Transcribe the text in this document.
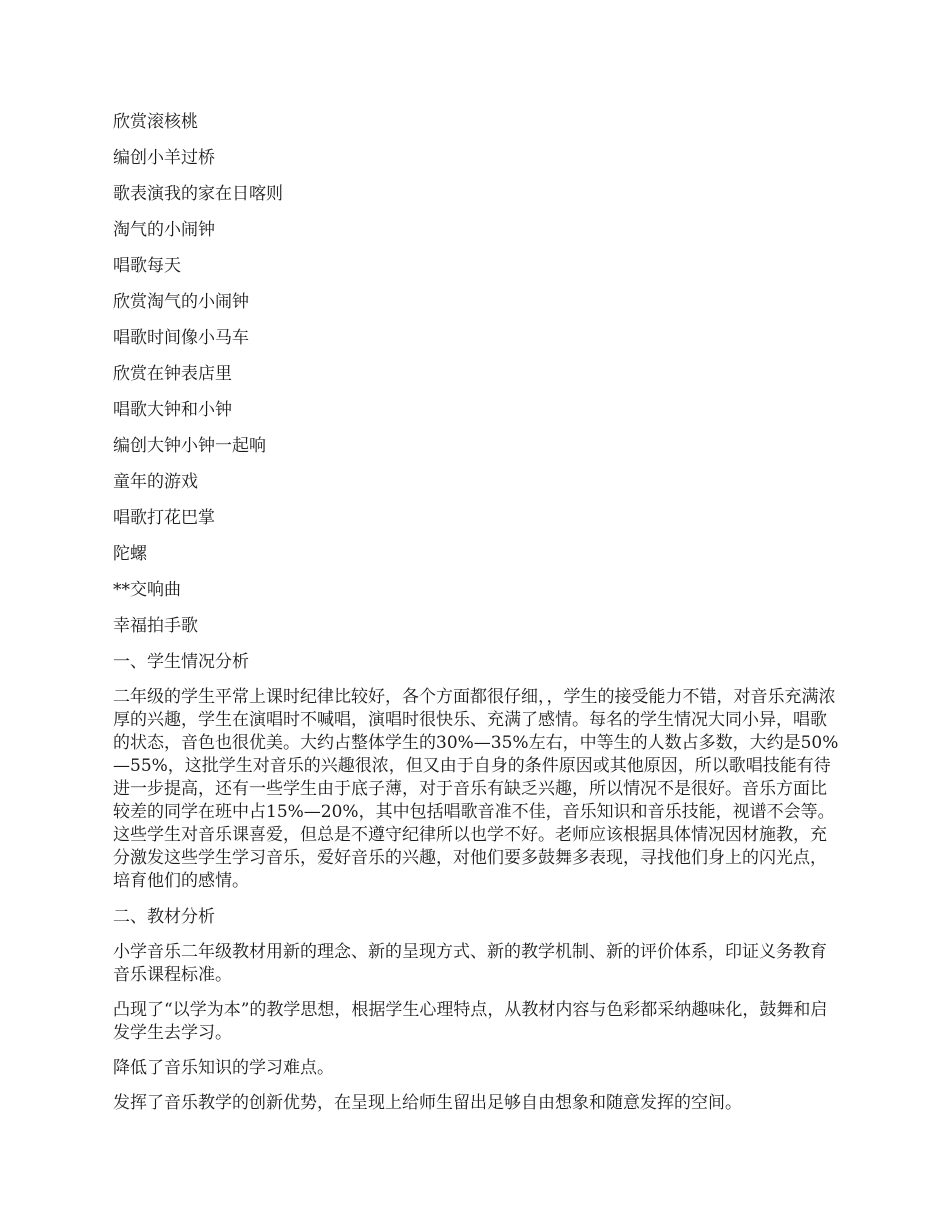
欣赏滚核桃
编创小羊过桥
歌表演我的家在日喀则
淘气的小闹钟
唱歌每天
欣赏淘气的小闹钟
唱歌时间像小马车
欣赏在钟表店里
唱歌大钟和小钟
编创大钟小钟一起响
童年的游戏
唱歌打花巴掌
陀螺
**交响曲
幸福拍手歌
一、学生情况分析

二年级的学生平常上课时纪律比较好，各个方面都很仔细，，学生的接受能力不错，对音乐充满浓厚的兴趣，学生在演唱时不喊唱，演唱时很快乐、充满了感情。每名的学生情况大同小异，唱歌的状态，音色也很优美。大约占整体学生的30%—35%左右，中等生的人数占多数，大约是50%—55%，这批学生对音乐的兴趣很浓，但又由于自身的条件原因或其他原因，所以歌唱技能有待进一步提高，还有一些学生由于底子薄，对于音乐有缺乏兴趣，所以情况不是很好。音乐方面比较差的同学在班中占15%—20%，其中包括唱歌音准不佳，音乐知识和音乐技能，视谱不会等。这些学生对音乐课喜爱，但总是不遵守纪律所以也学不好。老师应该根据具体情况因材施教，充分激发这些学生学习音乐，爱好音乐的兴趣，对他们要多鼓舞多表现，寻找他们身上的闪光点，培育他们的感情。

二、教材分析

小学音乐二年级教材用新的理念、新的呈现方式、新的教学机制、新的评价体系，印证义务教育音乐课程标准。

凸现了“以学为本”的教学思想，根据学生心理特点，从教材内容与色彩都采纳趣味化，鼓舞和启发学生去学习。

降低了音乐知识的学习难点。

发挥了音乐教学的创新优势，在呈现上给师生留出足够自由想象和随意发挥的空间。
